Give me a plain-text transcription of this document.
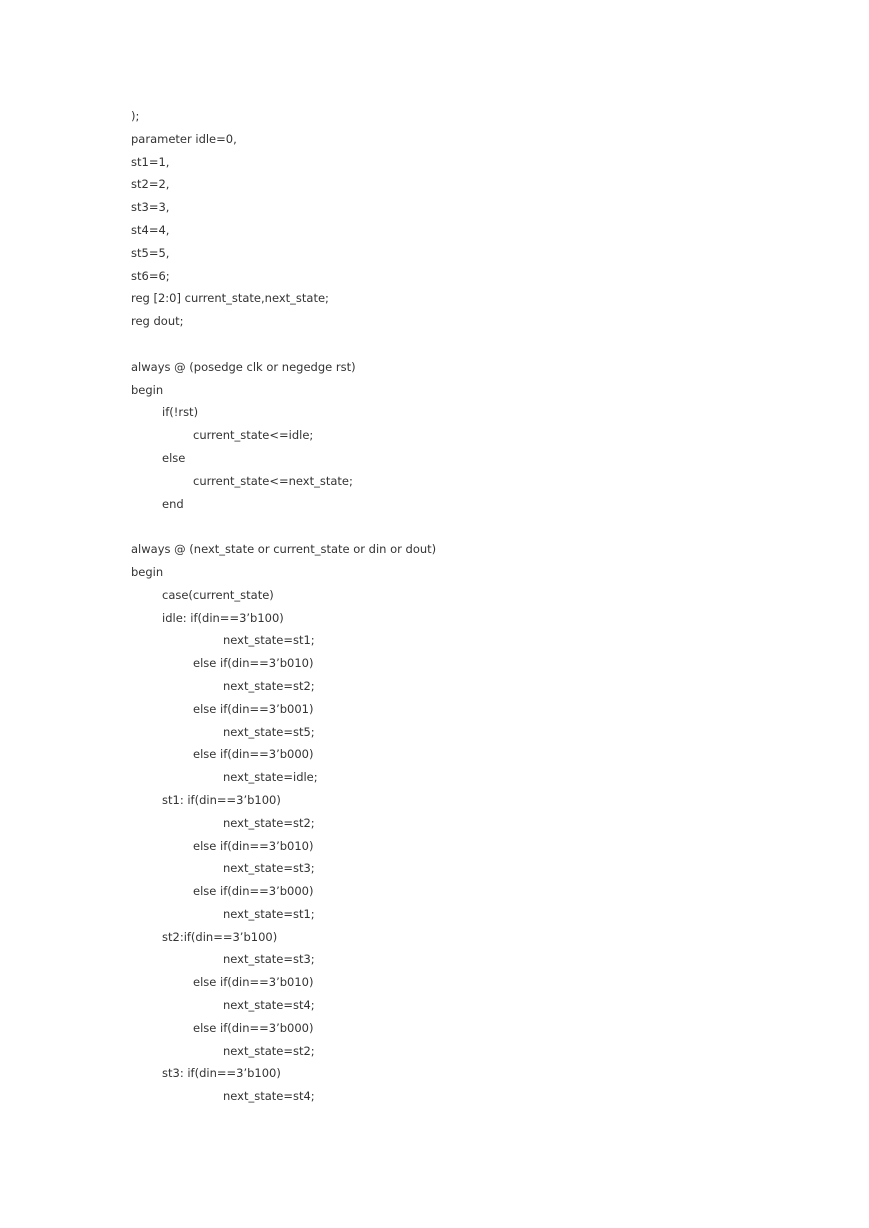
);
parameter idle=0,
st1=1,
st2=2,
st3=3,
st4=4,
st5=5,
st6=6;
reg [2:0] current_state,next_state;
reg dout;
always @ (posedge clk or negedge rst)
begin
if(!rst)
current_state<=idle;
else
current_state<=next_state;
end
always @ (next_state or current_state or din or dout)
begin
case(current_state)
idle: if(din==3’b100)
next_state=st1;
else if(din==3’b010)
next_state=st2;
else if(din==3’b001)
next_state=st5;
else if(din==3’b000)
next_state=idle;
st1: if(din==3’b100)
next_state=st2;
else if(din==3’b010)
next_state=st3;
else if(din==3’b000)
next_state=st1;
st2:if(din==3’b100)
next_state=st3;
else if(din==3’b010)
next_state=st4;
else if(din==3’b000)
next_state=st2;
st3: if(din==3’b100)
next_state=st4;
